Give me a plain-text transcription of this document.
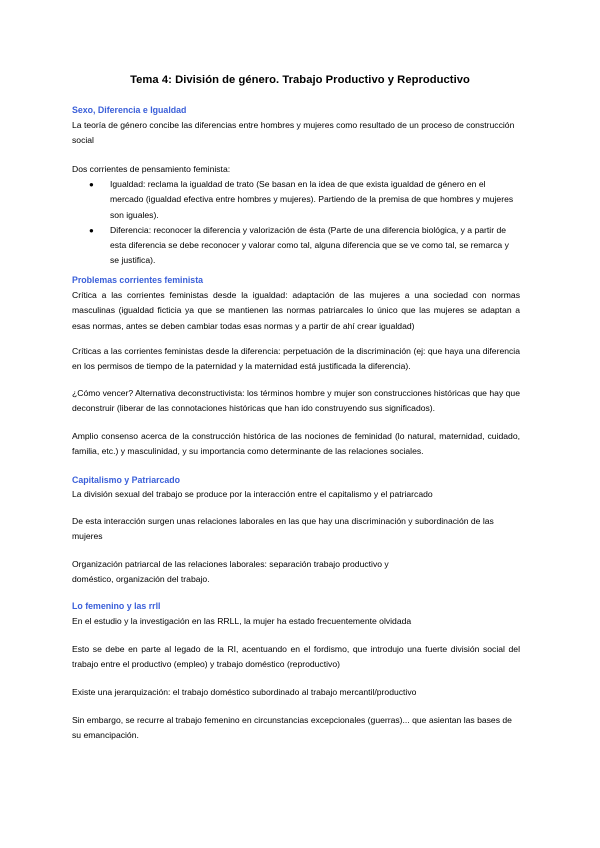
Tema 4: División de género. Trabajo Productivo y Reproductivo
Sexo, Diferencia e Igualdad

La teoría de género concibe las diferencias entre hombres y mujeres como resultado de un proceso de construcción social

Dos corrientes de pensamiento feminista:

● Igualdad: reclama la igualdad de trato (Se basan en la idea de que exista igualdad de género en el mercado (igualdad efectiva entre hombres y mujeres). Partiendo de la premisa de que hombres y mujeres son iguales).
● Diferencia: reconocer la diferencia y valorización de ésta (Parte de una diferencia biológica, y a partir de esta diferencia se debe reconocer y valorar como tal, alguna diferencia que se ve como tal, se remarca y se justifica).
Problemas corrientes feminista

Crítica a las corrientes feministas desde la igualdad: adaptación de las mujeres a una sociedad con normas masculinas (igualdad ficticia ya que se mantienen las normas patriarcales lo único que las mujeres se adaptan a esas normas, antes se deben cambiar todas esas normas y a partir de ahí crear igualdad)

Críticas a las corrientes feministas desde la diferencia: perpetuación de la discriminación (ej: que haya una diferencia en los permisos de tiempo de la paternidad y la maternidad está justificada la diferencia).

¿Cómo vencer? Alternativa deconstructivista: los términos hombre y mujer son construcciones históricas que hay que deconstruir (liberar de las connotaciones históricas que han ido construyendo sus significados).

Amplio consenso acerca de la construcción histórica de las nociones de feminidad (lo natural, maternidad, cuidado, familia, etc.) y masculinidad, y su importancia como determinante de las relaciones sociales.

Capitalismo y Patriarcado

La división sexual del trabajo se produce por la interacción entre el capitalismo y el patriarcado

De esta interacción surgen unas relaciones laborales en las que hay una discriminación y subordinación de las mujeres

Organización patriarcal de las relaciones laborales: separación trabajo productivo y

doméstico, organización del trabajo.

Lo femenino y las rrll

En el estudio y la investigación en las RRLL, la mujer ha estado frecuentemente olvidada

Esto se debe en parte al legado de la RI, acentuando en el fordismo, que introdujo una fuerte división social del trabajo entre el productivo (empleo) y trabajo doméstico (reproductivo)

Existe una jerarquización: el trabajo doméstico subordinado al trabajo mercantil/productivo

Sin embargo, se recurre al trabajo femenino en circunstancias excepcionales (guerras)... que asientan las bases de su emancipación.
